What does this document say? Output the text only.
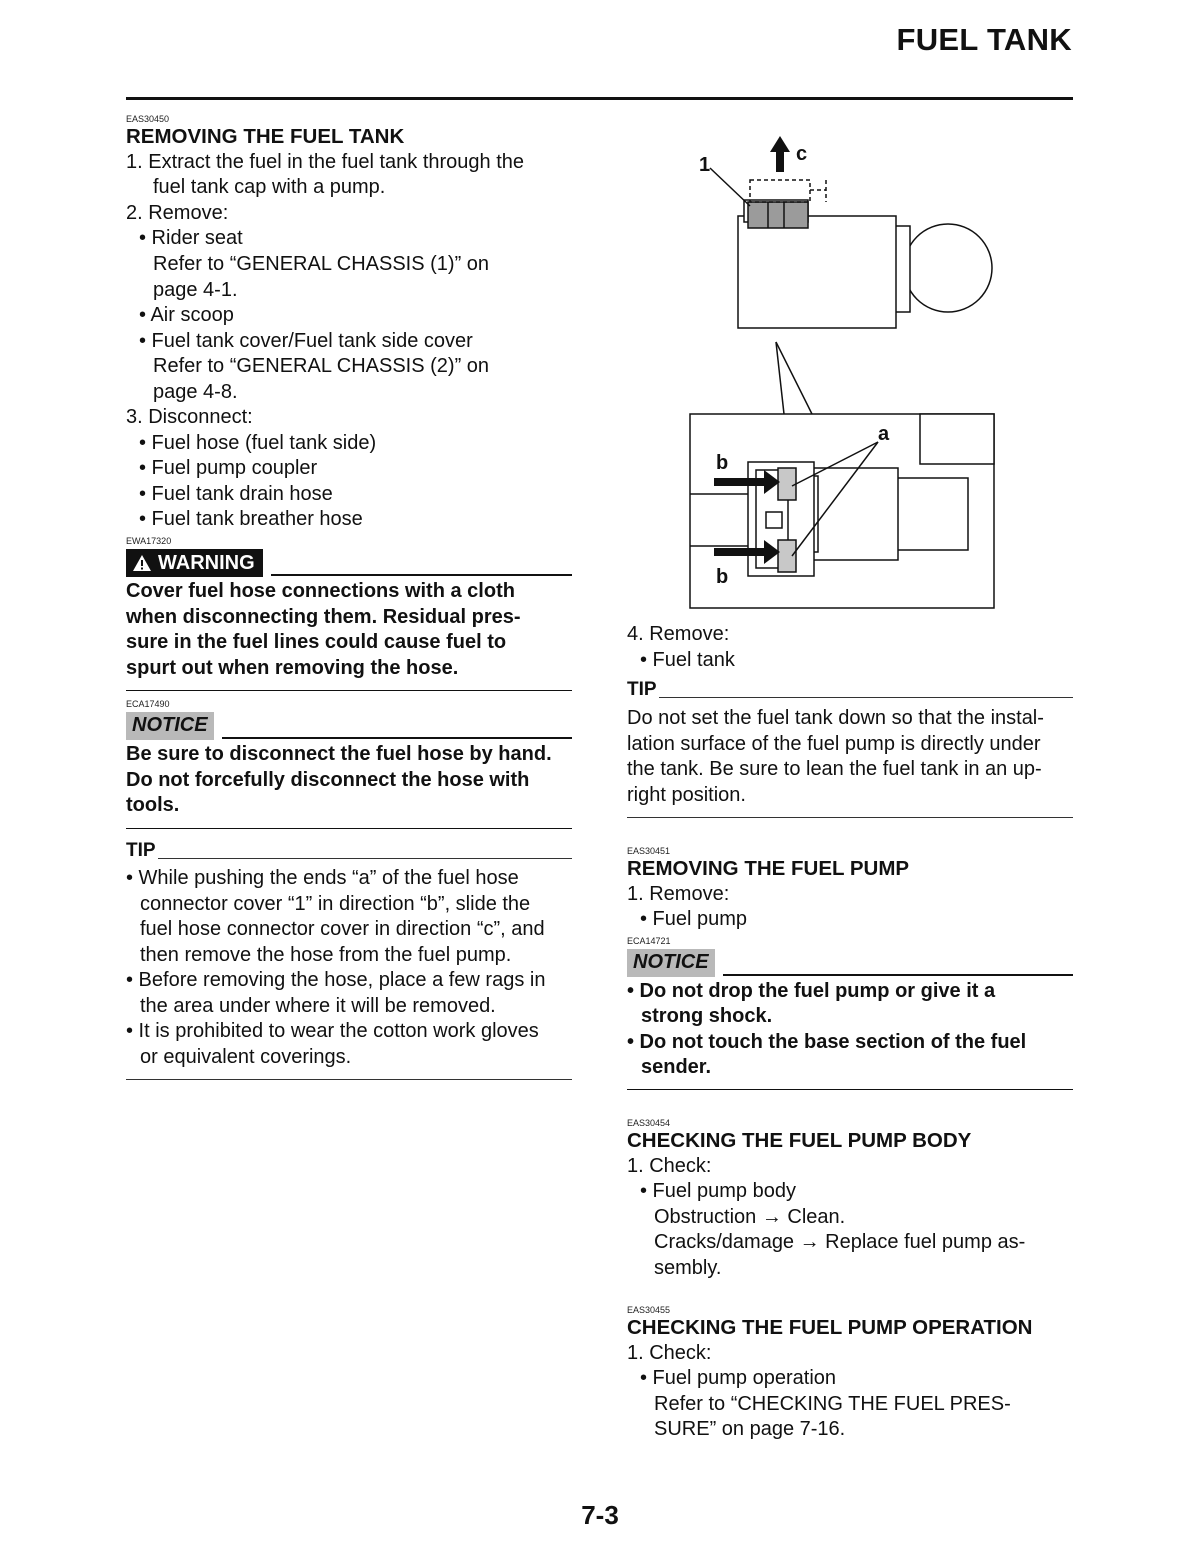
FUEL TANK
EAS30450
REMOVING THE FUEL TANK
1. Extract the fuel in the fuel tank through the
fuel tank cap with a pump.
2. Remove:
• Rider seat
Refer to “GENERAL CHASSIS (1)” on
page 4-1.
• Air scoop
• Fuel tank cover/Fuel tank side cover
Refer to “GENERAL CHASSIS (2)” on
page 4-8.
3. Disconnect:
• Fuel hose (fuel tank side)
• Fuel pump coupler
• Fuel tank drain hose
• Fuel tank breather hose
EWA17320
WARNING
Cover fuel hose connections with a cloth
when disconnecting them. Residual pres-
sure in the fuel lines could cause fuel to
spurt out when removing the hose.
ECA17490
NOTICE
Be sure to disconnect the fuel hose by hand.
Do not forcefully disconnect the hose with
tools.
TIP
• While pushing the ends “a” of the fuel hose
connector cover “1” in direction “b”, slide the
fuel hose connector cover in direction “c”, and
then remove the hose from the fuel pump.
• Before removing the hose, place a few rags in
the area under where it will be removed.
• It is prohibited to wear the cotton work gloves
or equivalent coverings.
1	c
a
b
b
4. Remove:
• Fuel tank
TIP
Do not set the fuel tank down so that the instal-
lation surface of the fuel pump is directly under
the tank. Be sure to lean the fuel tank in an up-
right position.
EAS30451
REMOVING THE FUEL PUMP
1. Remove:
• Fuel pump
ECA14721
NOTICE
• Do not drop the fuel pump or give it a
strong shock.
• Do not touch the base section of the fuel
sender.
EAS30454
CHECKING THE FUEL PUMP BODY
1. Check:
• Fuel pump body
Obstruction → Clean.
Cracks/damage → Replace fuel pump as-
sembly.
EAS30455
CHECKING THE FUEL PUMP OPERATION
1. Check:
• Fuel pump operation
Refer to “CHECKING THE FUEL PRES-
SURE” on page 7-16.
7-3
